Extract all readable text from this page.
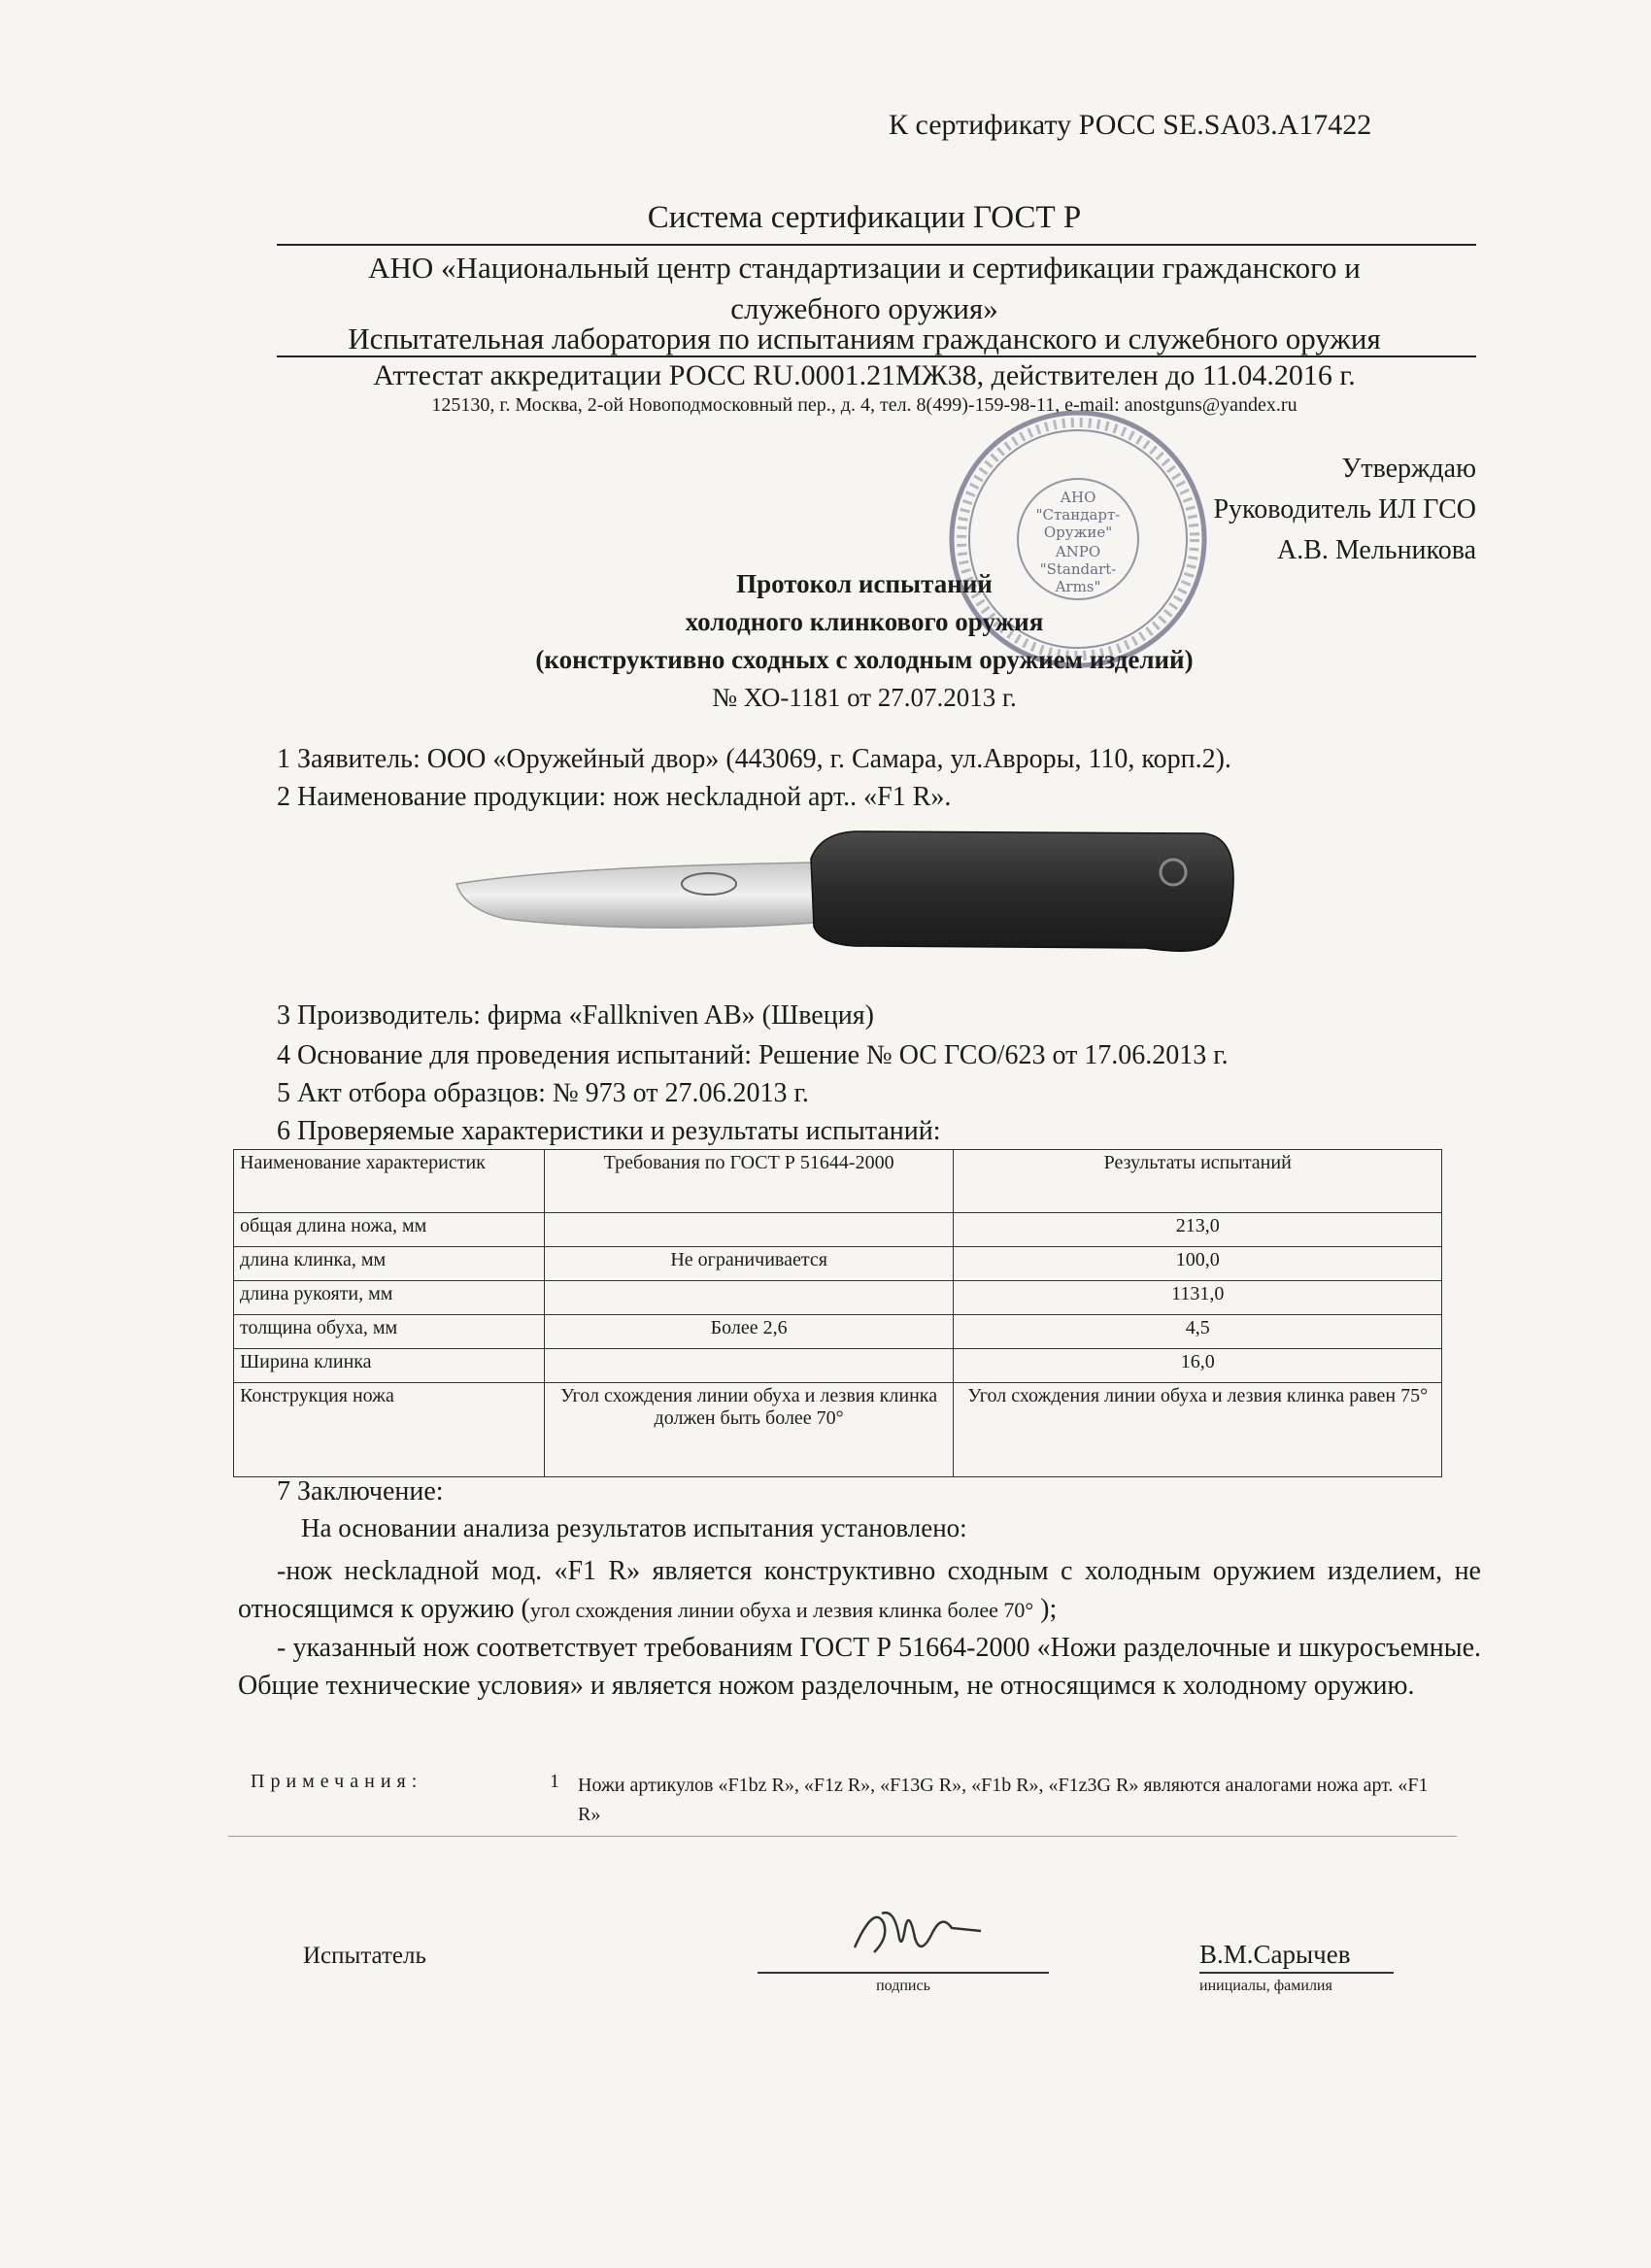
К сертификату РОСС SE.SA03.A17422
Система сертификации ГОСТ Р
АНО «Национальный центр стандартизации и сертификации гражданского и
служебного оружия»
Испытательная лаборатория по испытаниям гражданского и служебного оружия
Аттестат аккредитации РОСС RU.0001.21МЖ38, действителен до 11.04.2016 г.
125130, г. Москва, 2-ой Новоподмосковный пер., д. 4, тел. 8(499)-159-98-11, e-mail: anostguns@yandex.ru
Утверждаю
Руководитель ИЛ ГСО
А.В. Мельникова
АНО
"Стандарт-
Оружие"
ANPO
"Standart-
Arms"
Протокол испытаний
холодного клинкового оружия
(конструктивно сходных с холодным оружием изделий)
№ ХО-1181 от 27.07.2013 г.
1 Заявитель: ООО «Оружейный двор» (443069, г. Самара, ул.Авроры, 110, корп.2).
2 Наименование продукции: нож несkладной арт.. «F1 R».
3 Производитель: фирма «Fallkniven AB» (Швеция)
4 Основание для проведения испытаний: Решение № ОС ГСО/623 от 17.06.2013 г.
5 Акт отбора образцов: № 973 от 27.06.2013 г.
6 Проверяемые характеристики и результаты испытаний:
Наименование характеристик	Требования по ГОСТ Р 51644-2000	Результаты испытаний
общая длина ножа, мм		213,0
длина клинка, мм	Не ограничивается	100,0
длина рукояти, мм		1131,0
толщина обуха, мм	Более 2,6	4,5
Ширина клинка		16,0
Конструкция ножа	Угол схождения линии обуха и лезвия клинка должен быть более 70°	Угол схождения линии обуха и лезвия клинка равен 75°
7 Заключение:
На основании анализа результатов испытания установлено:
-нож несkладной мод. «F1 R» является конструктивно сходным с холодным оружием изделием, не относящимся к оружию (угол схождения линии обуха и лезвия клинка более 70° );
- указанный нож соответствует требованиям ГОСТ Р 51664-2000 «Ножи разделочные и шкуросъемные. Общие технические условия» и является ножом разделочным, не относящимся к холодному оружию.
Примечания:	1 Ножи артикулов «F1bz R», «F1z R», «F13G R», «F1b R», «F1z3G R» являются аналогами ножа арт. «F1 R»
Испытатель
подпись
В.М.Сарычев
инициалы, фамилия
